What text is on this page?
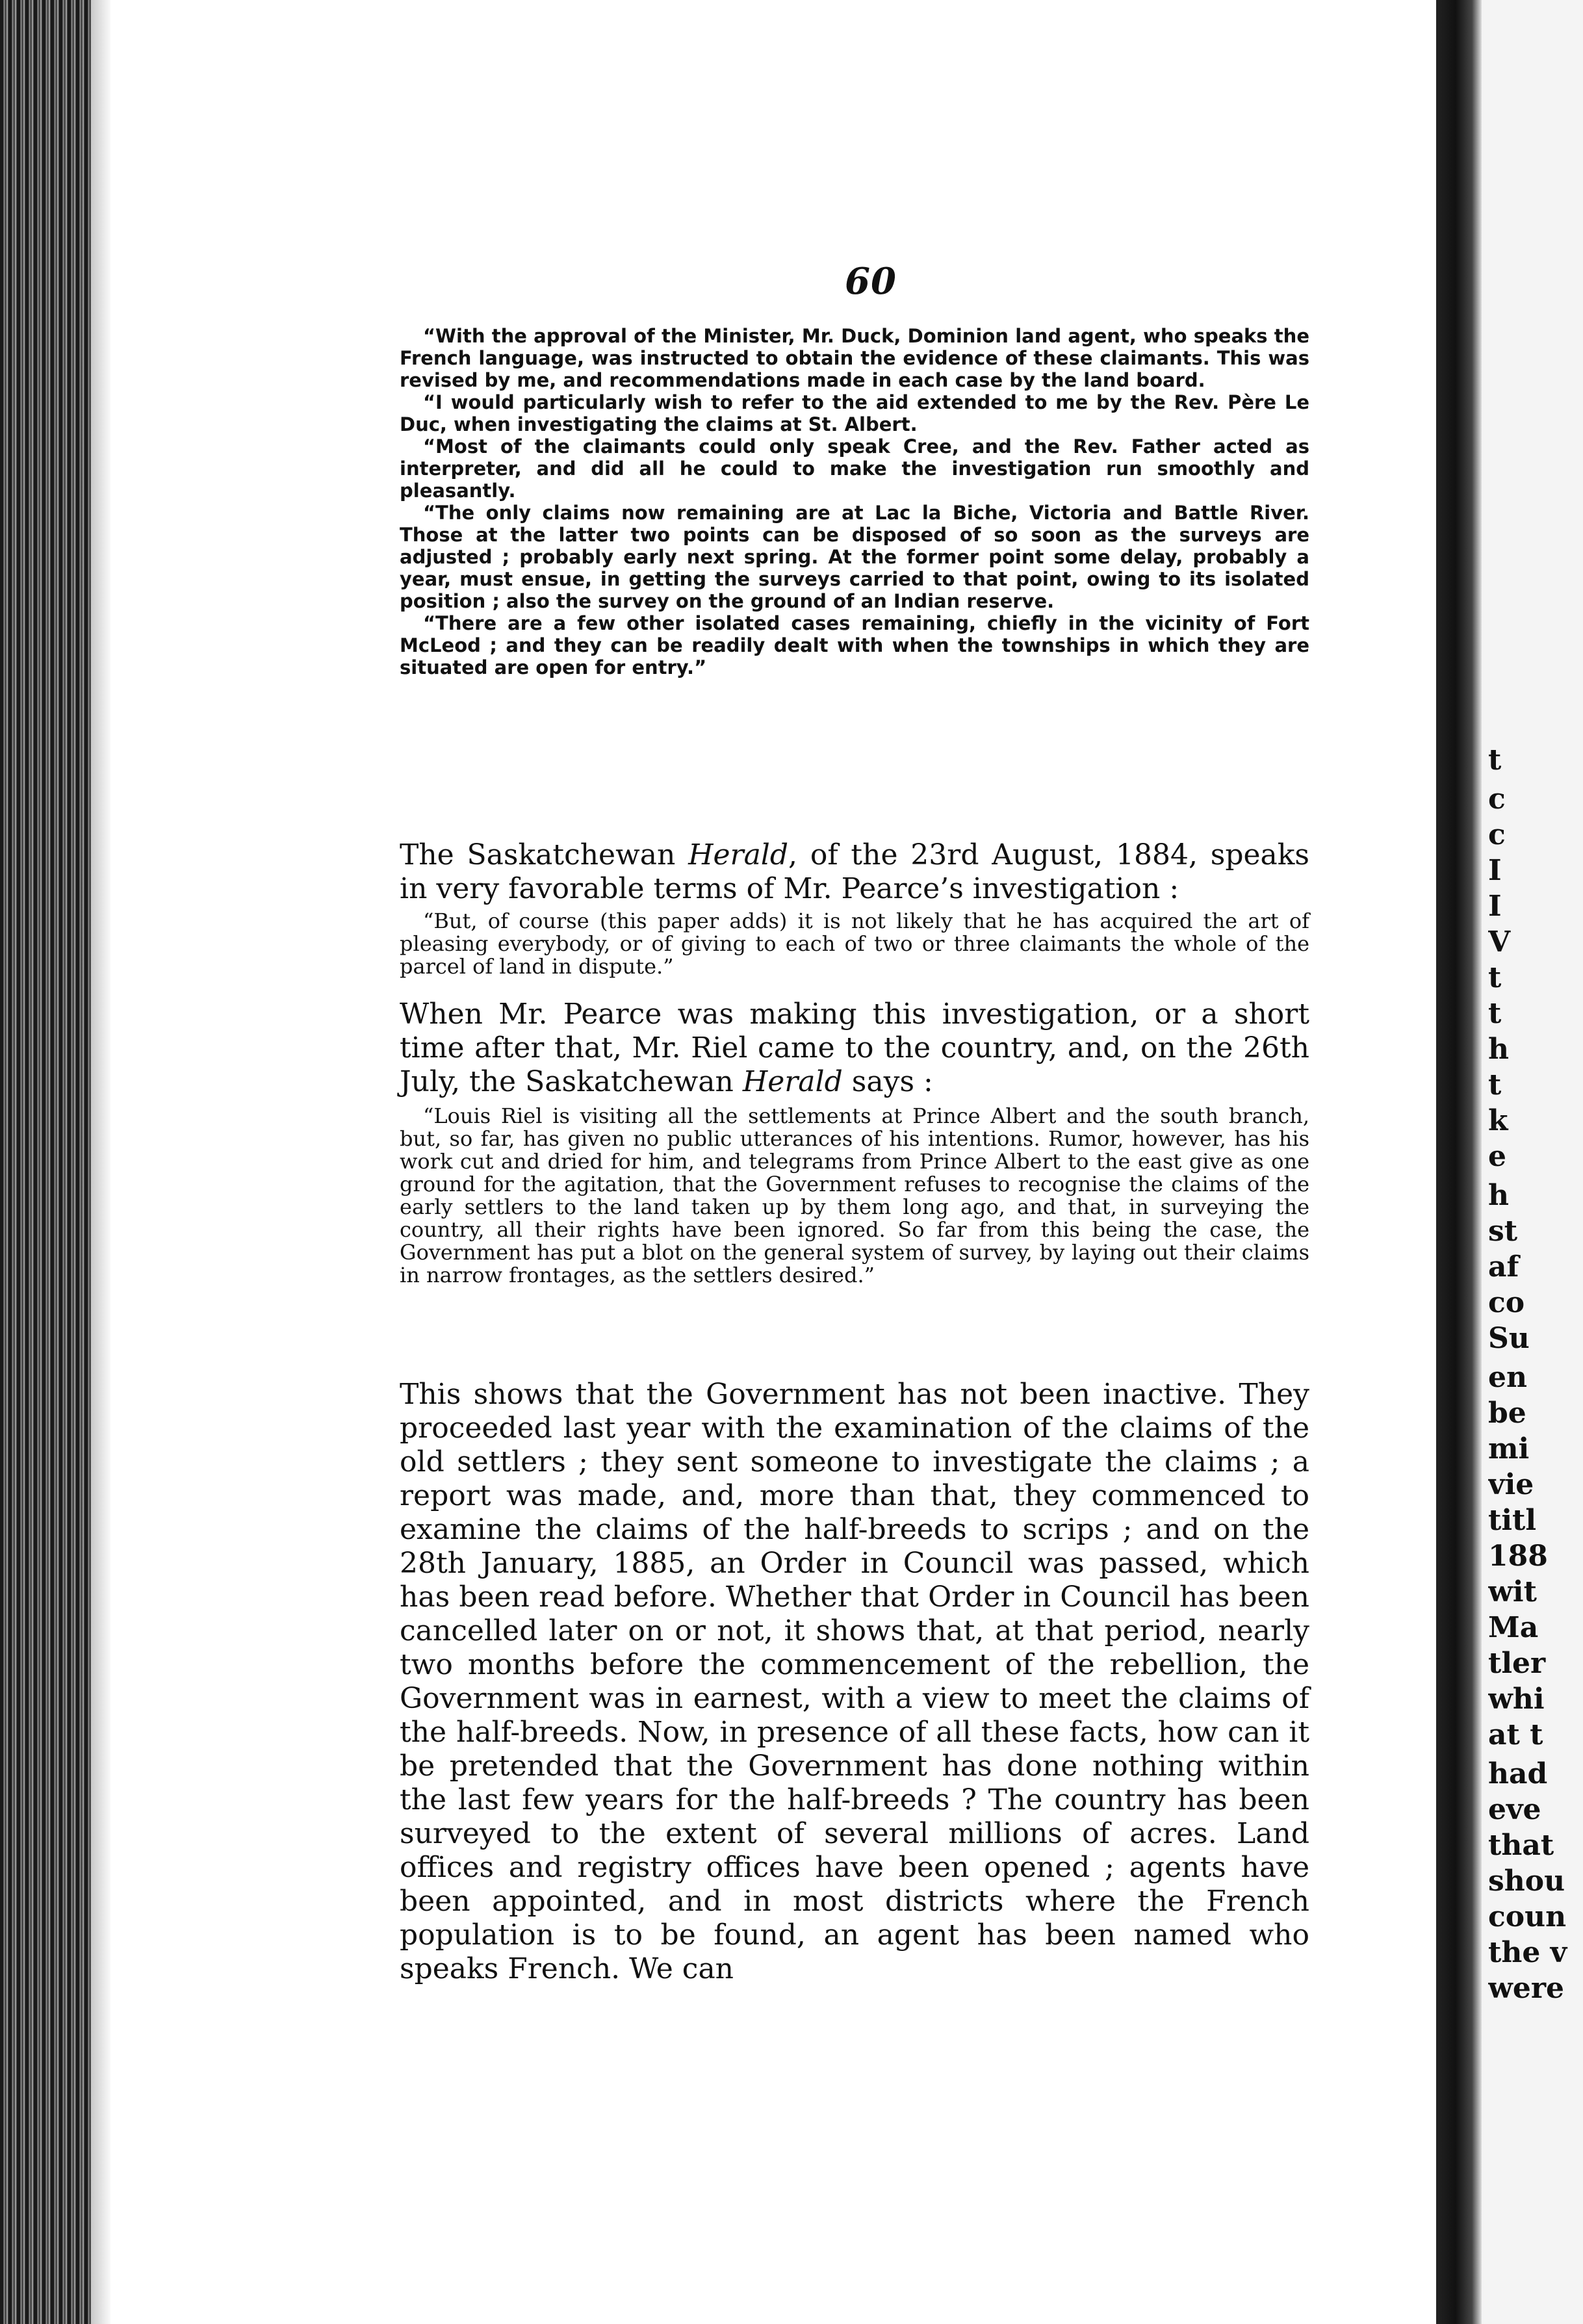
60

“With the approval of the Minister, Mr. Duck, Dominion land agent, who speaks the French language, was instructed to obtain the evidence of these claimants. This was revised by me, and recommendations made in each case by the land board.

“I would particularly wish to refer to the aid extended to me by the Rev. Père Le Duc, when investigating the claims at St. Albert.

“Most of the claimants could only speak Cree, and the Rev. Father acted as interpreter, and did all he could to make the investigation run smoothly and pleasantly.

“The only claims now remaining are at Lac la Biche, Victoria and Battle River. Those at the latter two points can be disposed of so soon as the surveys are adjusted ; probably early next spring. At the former point some delay, probably a year, must ensue, in getting the surveys carried to that point, owing to its isolated position ; also the survey on the ground of an Indian reserve.

“There are a few other isolated cases remaining, chiefly in the vicinity of Fort McLeod ; and they can be readily dealt with when the townships in which they are situated are open for entry.”

The Saskatchewan Herald, of the 23rd August, 1884, speaks in very favorable terms of Mr. Pearce’s investigation :

“But, of course (this paper adds) it is not likely that he has acquired the art of pleasing everybody, or of giving to each of two or three claimants the whole of the parcel of land in dispute.”

When Mr. Pearce was making this investigation, or a short time after that, Mr. Riel came to the country, and, on the 26th July, the Saskatchewan Herald says :

“Louis Riel is visiting all the settlements at Prince Albert and the south branch, but, so far, has given no public utterances of his intentions. Rumor, however, has his work cut and dried for him, and telegrams from Prince Albert to the east give as one ground for the agitation, that the Government refuses to recognise the claims of the early settlers to the land taken up by them long ago, and that, in surveying the country, all their rights have been ignored. So far from this being the case, the Government has put a blot on the general system of survey, by laying out their claims in narrow frontages, as the settlers desired.”

This shows that the Government has not been inactive. They proceeded last year with the examination of the claims of the old settlers ; they sent someone to investigate the claims ; a report was made, and, more than that, they commenced to examine the claims of the half-breeds to scrips ; and on the 28th January, 1885, an Order in Council was passed, which has been read before. Whether that Order in Council has been cancelled later on or not, it shows that, at that period, nearly two months before the commencement of the rebellion, the Government was in earnest, with a view to meet the claims of the half-breeds. Now, in presence of all these facts, how can it be pretended that the Government has done nothing within the last few years for the half-breeds ? The country has been surveyed to the extent of several millions of acres. Land offices and registry offices have been opened ; agents have been appointed, and in most districts where the French population is to be found, an agent has been named who speaks French. We can

t
c
c
I
I
V
t
t
h
t
k
e
h
st
af
co
Su
en
be
mi
vie
titl
188
wit
Ma
tler
whi
at t
had
eve
that
shou
coun
the v
were
